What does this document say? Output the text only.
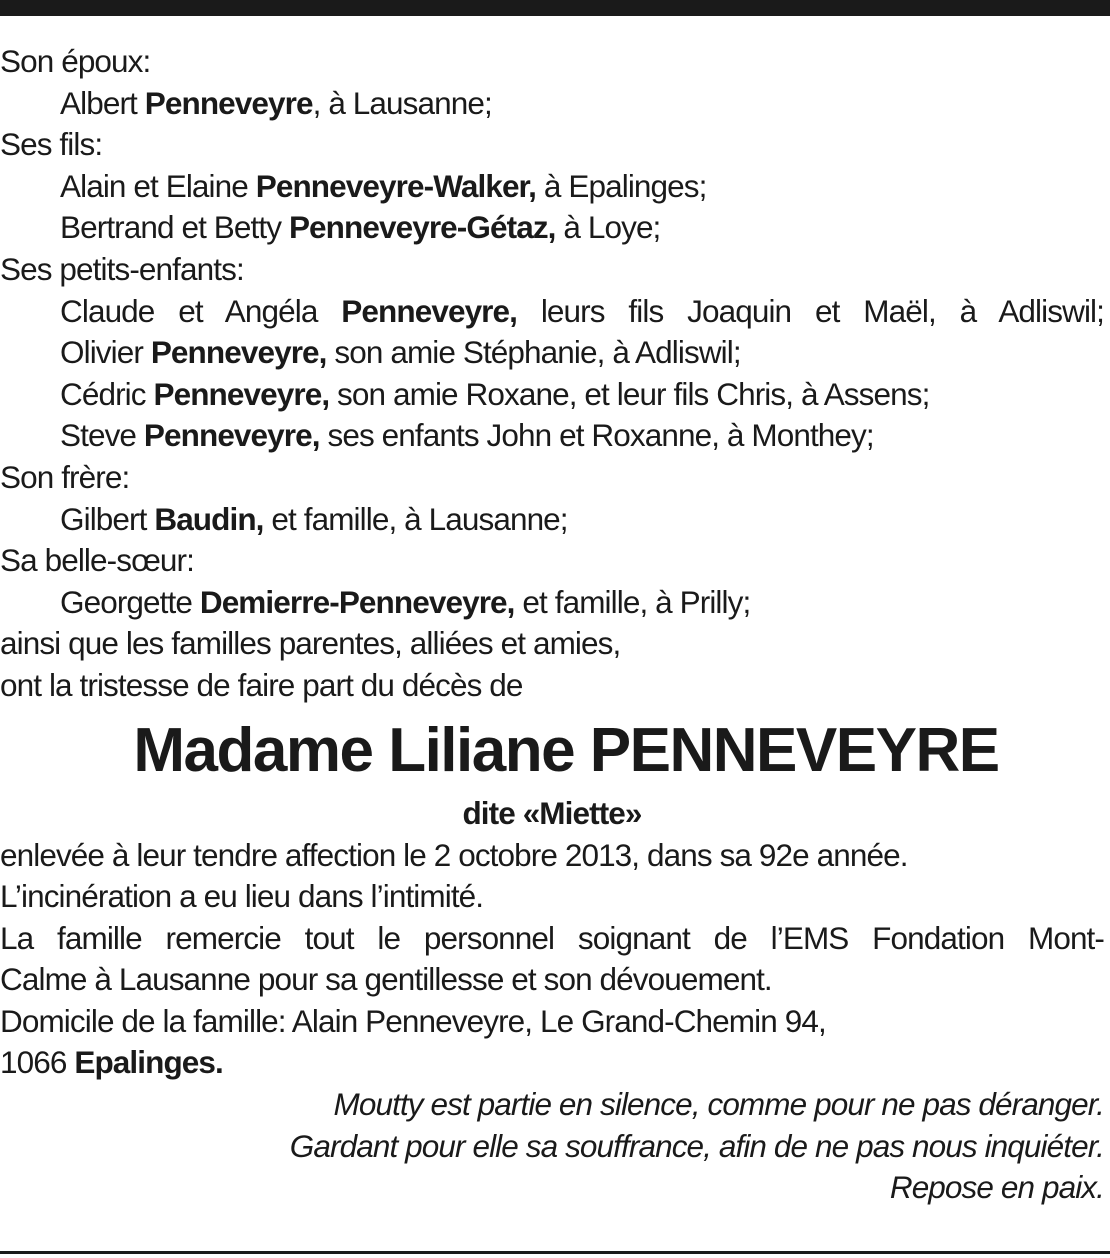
Son époux:
Albert Penneveyre, à Lausanne;
Ses fils:
Alain et Elaine Penneveyre-Walker, à Epalinges;
Bertrand et Betty Penneveyre-Gétaz, à Loye;
Ses petits-enfants:
Claude et Angéla Penneveyre, leurs fils Joaquin et Maël, à Adliswil;
Olivier Penneveyre, son amie Stéphanie, à Adliswil;
Cédric Penneveyre, son amie Roxane, et leur fils Chris, à Assens;
Steve Penneveyre, ses enfants John et Roxanne, à Monthey;
Son frère:
Gilbert Baudin, et famille, à Lausanne;
Sa belle-sœur:
Georgette Demierre-Penneveyre, et famille, à Prilly;
ainsi que les familles parentes, alliées et amies,
ont la tristesse de faire part du décès de
Madame Liliane PENNEVEYRE
dite «Miette»
enlevée à leur tendre affection le 2 octobre 2013, dans sa 92e année.
L’incinération a eu lieu dans l’intimité.
La famille remercie tout le personnel soignant de l’EMS Fondation Mont-
Calme à Lausanne pour sa gentillesse et son dévouement.
Domicile de la famille: Alain Penneveyre, Le Grand-Chemin 94,
1066 Epalinges.
Moutty est partie en silence, comme pour ne pas déranger.
Gardant pour elle sa souffrance, afin de ne pas nous inquiéter.
Repose en paix.
